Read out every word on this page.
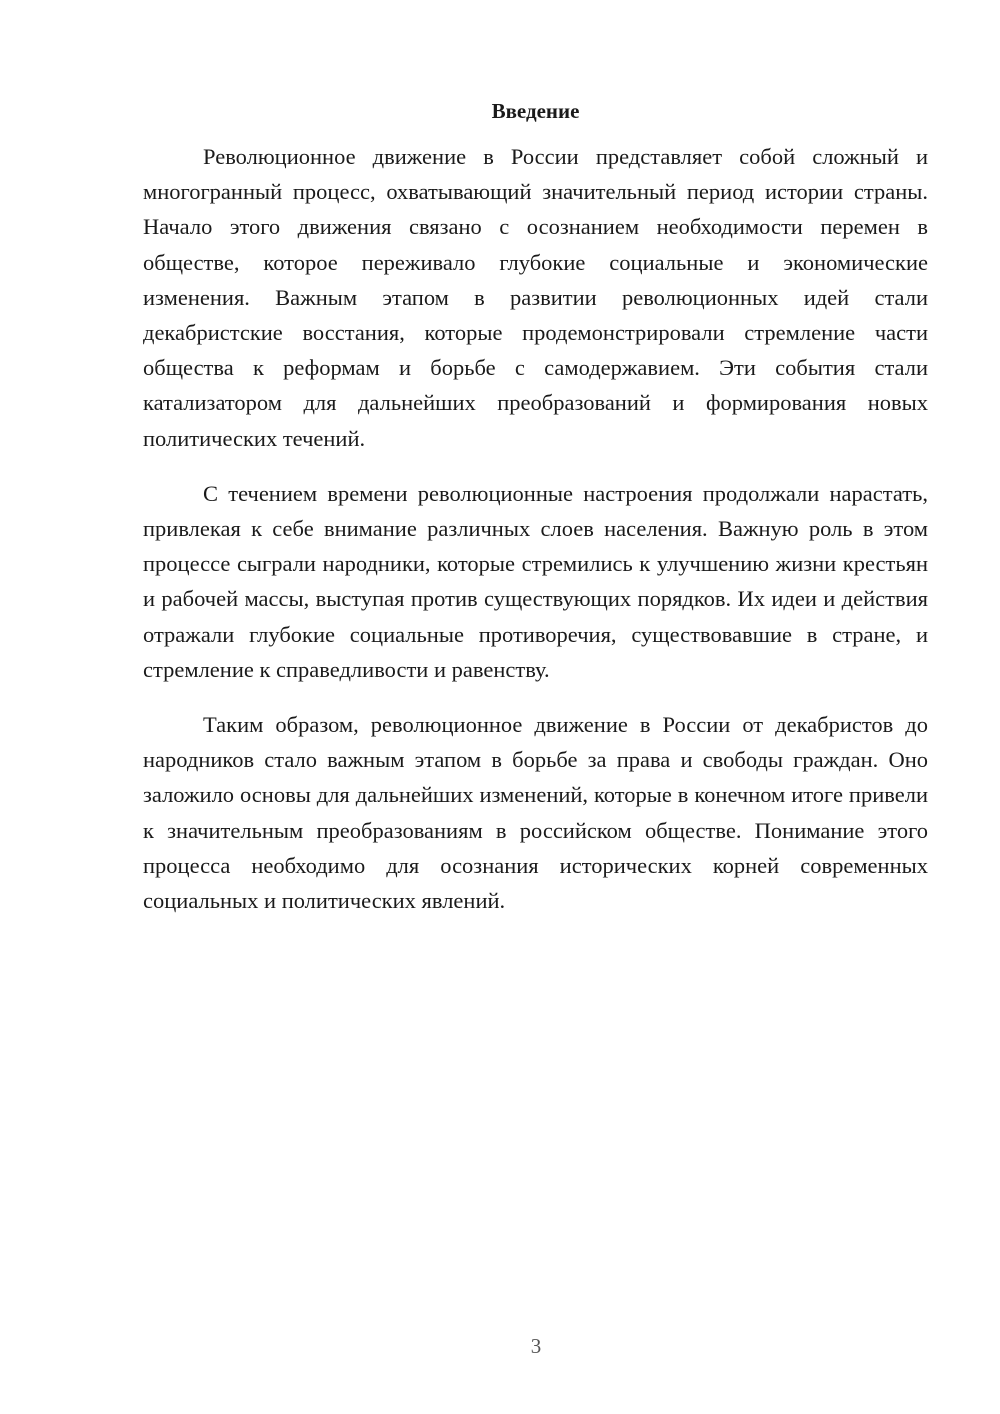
Введение

Революционное движение в России представляет собой сложный и многогранный процесс, охватывающий значительный период истории страны. Начало этого движения связано с осознанием необходимости перемен в обществе, которое переживало глубокие социальные и экономические изменения. Важным этапом в развитии революционных идей стали декабристские восстания, которые продемонстрировали стремление части общества к реформам и борьбе с самодержавием. Эти события стали катализатором для дальнейших преобразований и формирования новых политических течений.

С течением времени революционные настроения продолжали нарастать, привлекая к себе внимание различных слоев населения. Важную роль в этом процессе сыграли народники, которые стремились к улучшению жизни крестьян и рабочей массы, выступая против существующих порядков. Их идеи и действия отражали глубокие социальные противоречия, существовавшие в стране, и стремление к справедливости и равенству.

Таким образом, революционное движение в России от декабристов до народников стало важным этапом в борьбе за права и свободы граждан. Оно заложило основы для дальнейших изменений, которые в конечном итоге привели к значительным преобразованиям в российском обществе. Понимание этого процесса необходимо для осознания исторических корней современных социальных и политических явлений.

3
